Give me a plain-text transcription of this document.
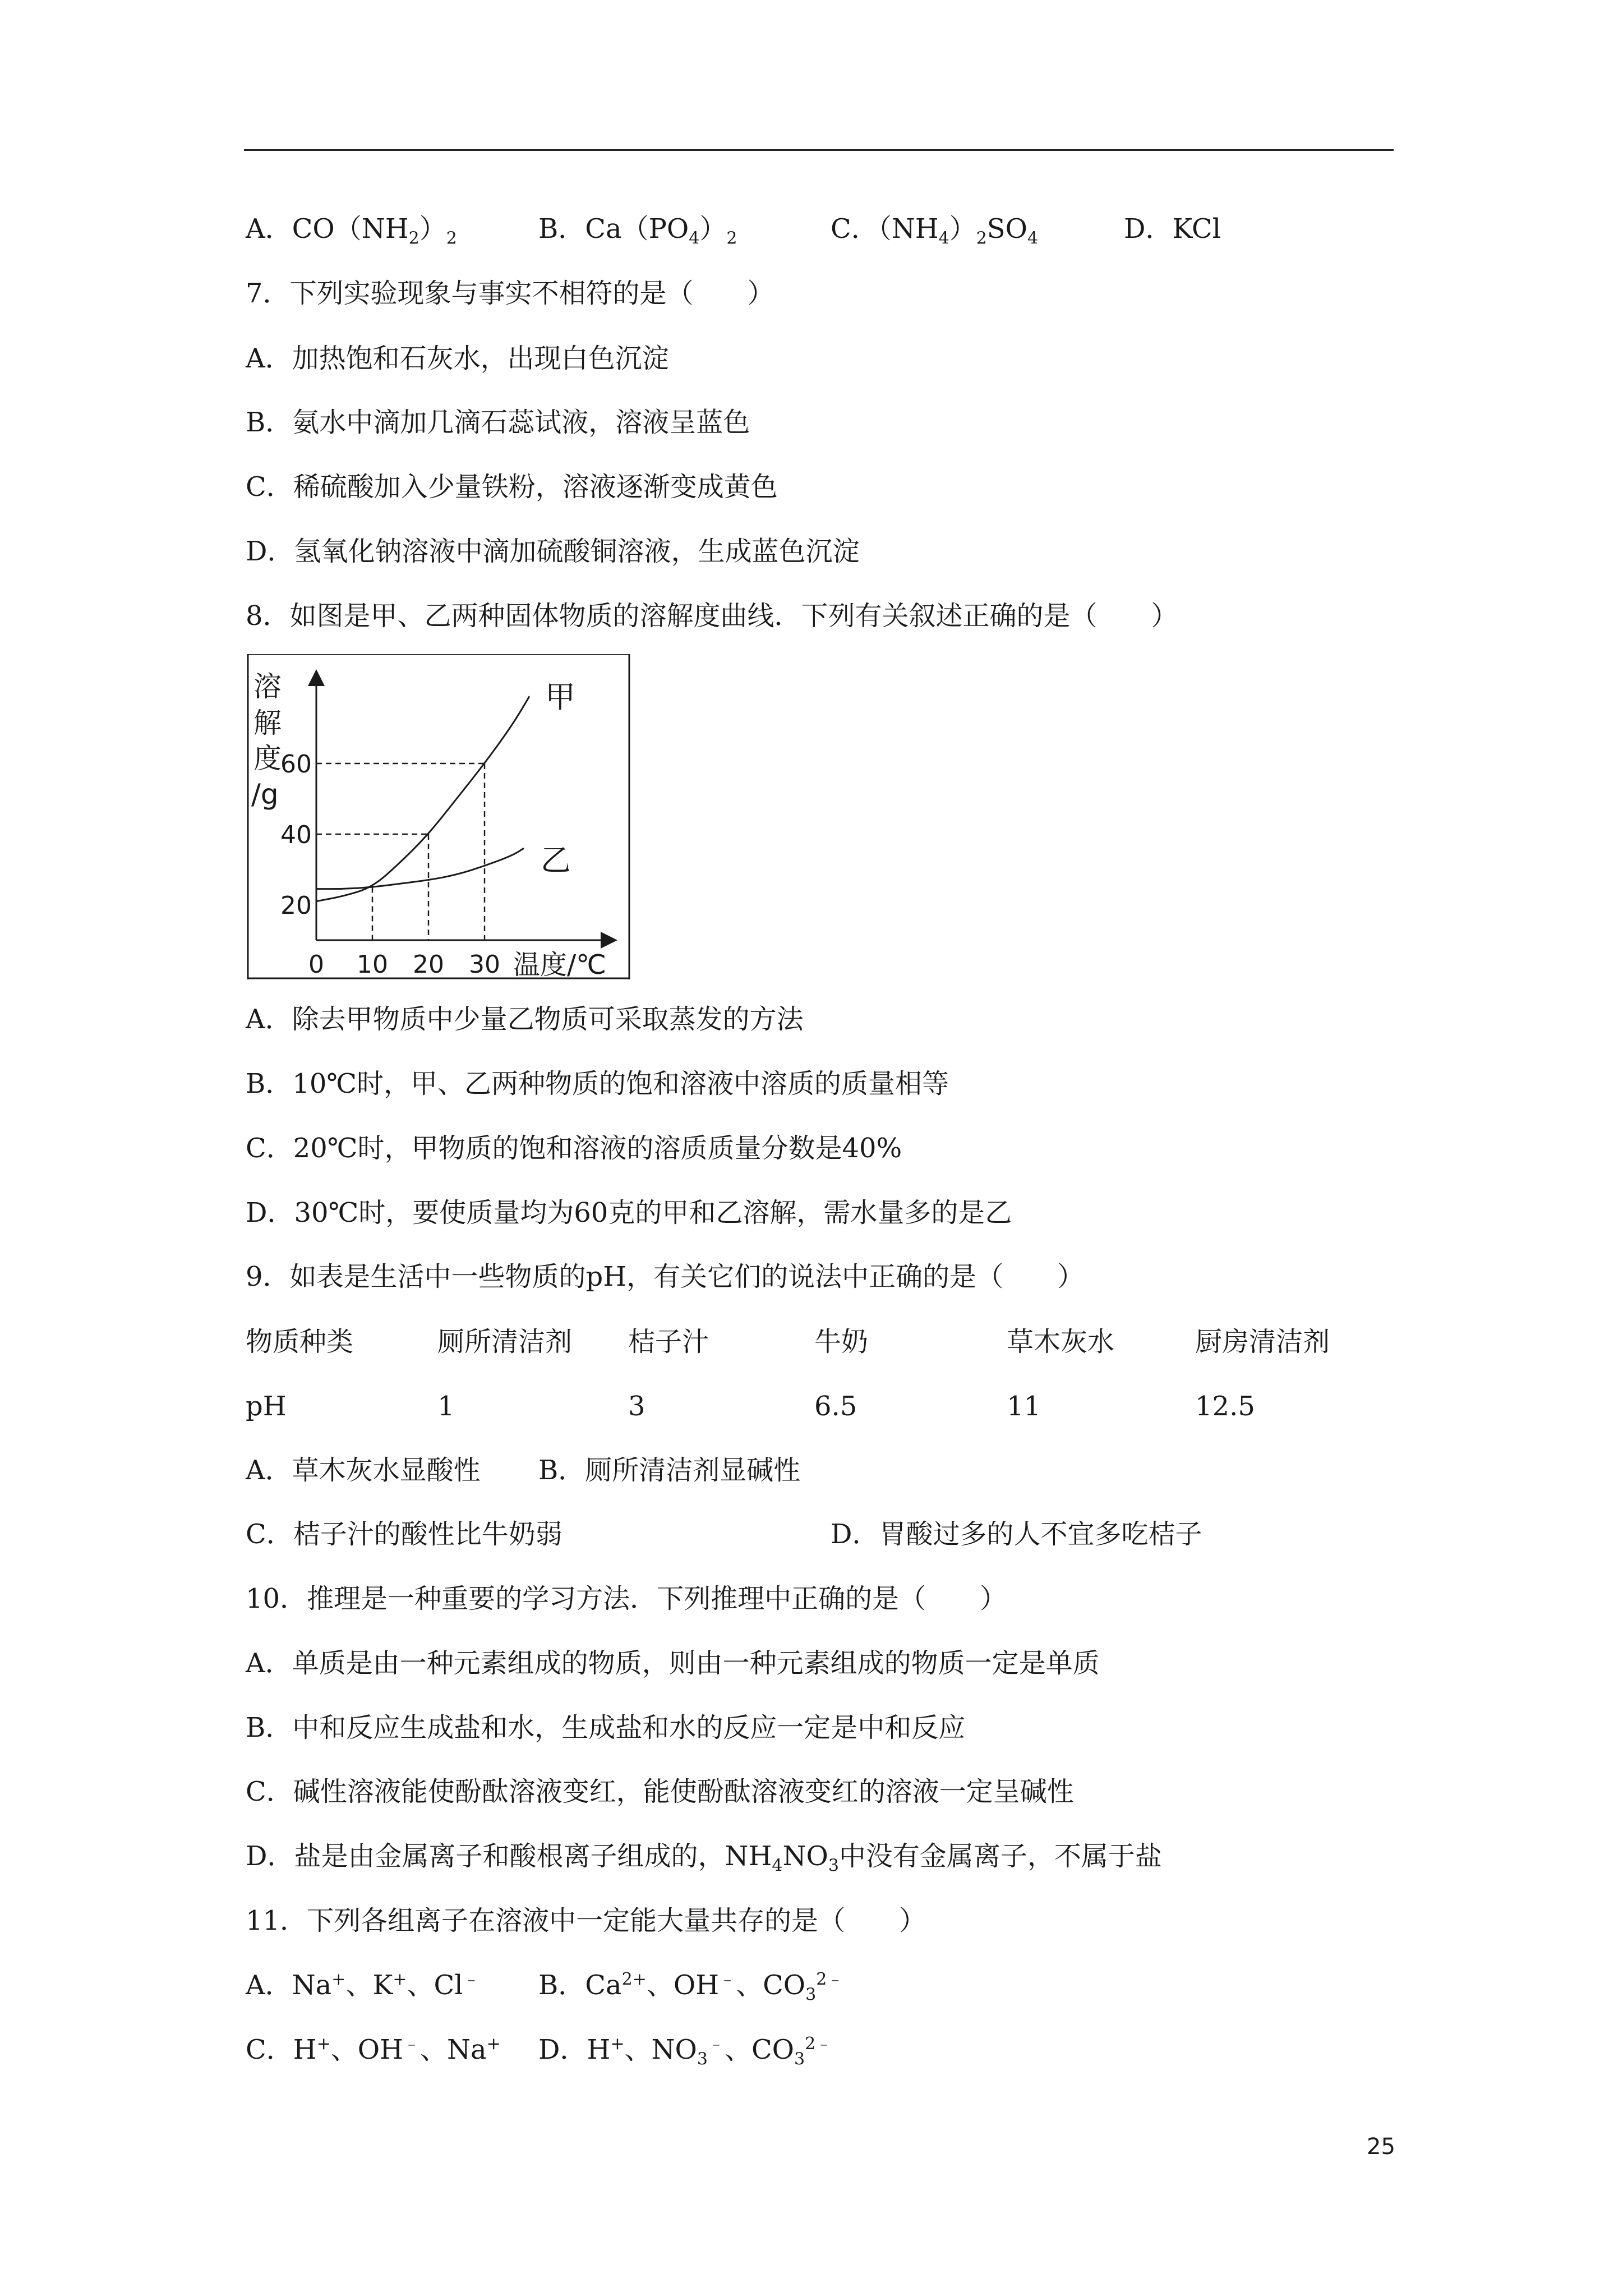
A．$CO(NH_2)_2$	B．$Ca(PO_4)_2$	C．$(NH_4)_2SO_4$	D．KCl
7．下列实验现象与事实不相符的是（　　）
A．加热饱和石灰水，出现白色沉淀
B．氨水中滴加几滴石蕊试液，溶液呈蓝色
C．稀硫酸加入少量铁粉，溶液逐渐变成黄色
D．氢氧化钠溶液中滴加硫酸铜溶液，生成蓝色沉淀
8．如图是甲、乙两种固体物质的溶解度曲线．下列有关叙述正确的是（　　）
溶
解
度
/g
20
40
60
0 10 20 30 温度/℃
甲
乙
A．除去甲物质中少量乙物质可采取蒸发的方法
B．10℃时，甲、乙两种物质的饱和溶液中溶质的质量相等
C．20℃时，甲物质的饱和溶液的溶质质量分数是40%
D．30℃时，要使质量均为60克的甲和乙溶解，需水量多的是乙
9．如表是生活中一些物质的pH，有关它们的说法中正确的是（　　）
物质种类	厕所清洁剂 桔子汁	牛奶	草木灰水	厨房清洁剂
pH	1	3	6.5	11	12.5
A．草木灰水显酸性 B．厕所清洁剂显碱性
C．桔子汁的酸性比牛奶弱	D．胃酸过多的人不宜多吃桔子
10．推理是一种重要的学习方法．下列推理中正确的是（　　）
A．单质是由一种元素组成的物质，则由一种元素组成的物质一定是单质
B．中和反应生成盐和水，生成盐和水的反应一定是中和反应
C．碱性溶液能使酚酞溶液变红，能使酚酞溶液变红的溶液一定呈碱性
D．盐是由金属离子和酸根离子组成的，$NH_4NO_3$中没有金属离子，不属于盐
11．下列各组离子在溶液中一定能大量共存的是（　　）
A．Na+、K+、Cl﹣ B．$Ca^{2+}$、OH﹣、$CO_3^{2﹣}$
C．H+、OH﹣、Na+ D．H+、$NO_3^﹣$、$CO_3^{2﹣}$
25
